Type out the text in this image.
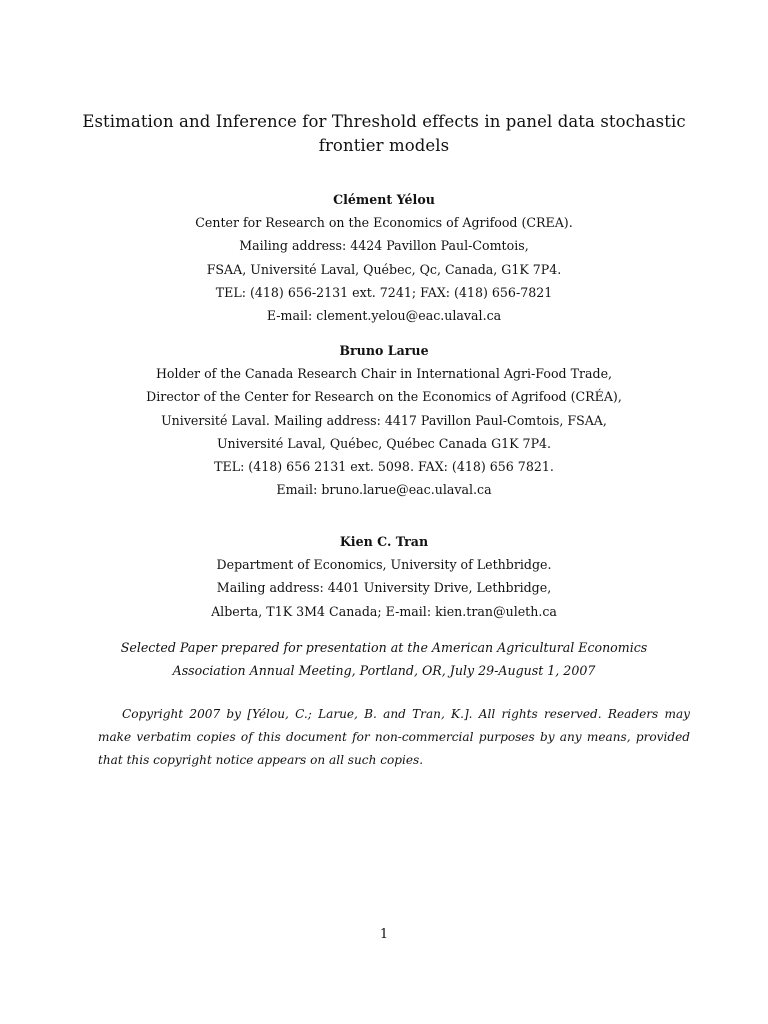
Estimation and Inference for Threshold effects in panel data stochastic
frontier models
Clément Yélou
Center for Research on the Economics of Agrifood (CREA).
Mailing address: 4424 Pavillon Paul-Comtois,
FSAA, Université Laval, Québec, Qc, Canada, G1K 7P4.
TEL: (418) 656-2131 ext. 7241; FAX: (418) 656-7821
E-mail: clement.yelou@eac.ulaval.ca
Bruno Larue
Holder of the Canada Research Chair in International Agri-Food Trade,
Director of the Center for Research on the Economics of Agrifood (CRÉA),
Université Laval. Mailing address: 4417 Pavillon Paul-Comtois, FSAA,
Université Laval, Québec, Québec Canada G1K 7P4.
TEL: (418) 656 2131 ext. 5098. FAX: (418) 656 7821.
Email: bruno.larue@eac.ulaval.ca
Kien C. Tran
Department of Economics, University of Lethbridge.
Mailing address: 4401 University Drive, Lethbridge,
Alberta, T1K 3M4 Canada; E-mail: kien.tran@uleth.ca
Selected Paper prepared for presentation at the American Agricultural Economics
Association Annual Meeting, Portland, OR, July 29-August 1, 2007
Copyright 2007 by [Yélou, C.; Larue, B. and Tran, K.]. All rights reserved. Readers may make verbatim copies of this document for non-commercial purposes by any means, provided that this copyright notice appears on all such copies.
1
